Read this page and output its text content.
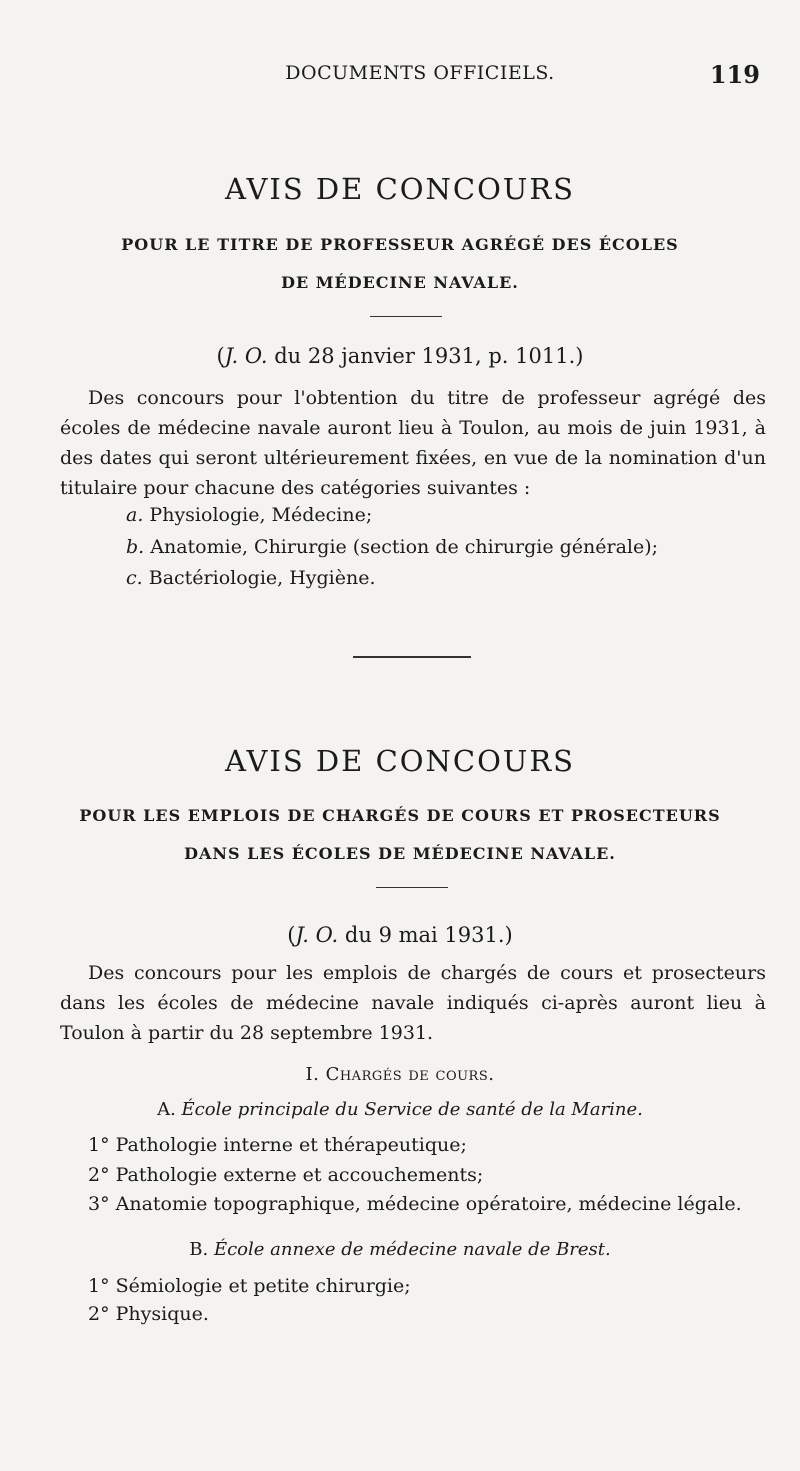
DOCUMENTS OFFICIELS.	119
AVIS DE CONCOURS
POUR LE TITRE DE PROFESSEUR AGRÉGÉ DES ÉCOLES
DE MÉDECINE NAVALE.
(J. O. du 28 janvier 1931, p. 1011.)

Des concours pour l'obtention du titre de professeur agrégé des écoles de médecine navale auront lieu à Toulon, au mois de juin 1931, à des dates qui seront ultérieurement fixées, en vue de la nomination d'un titulaire pour chacune des catégories suivantes :

a. Physiologie, Médecine;
b. Anatomie, Chirurgie (section de chirurgie générale);
c. Bactériologie, Hygiène.
AVIS DE CONCOURS
POUR LES EMPLOIS DE CHARGÉS DE COURS ET PROSECTEURS
DANS LES ÉCOLES DE MÉDECINE NAVALE.
(J. O. du 9 mai 1931.)

Des concours pour les emplois de chargés de cours et prosecteurs dans les écoles de médecine navale indiqués ci-après auront lieu à Toulon à partir du 28 septembre 1931.

I. Chargés de cours.
A. École principale du Service de santé de la Marine.
1° Pathologie interne et thérapeutique;
2° Pathologie externe et accouchements;
3° Anatomie topographique, médecine opératoire, médecine légale.
B. École annexe de médecine navale de Brest.
1° Sémiologie et petite chirurgie;
2° Physique.
